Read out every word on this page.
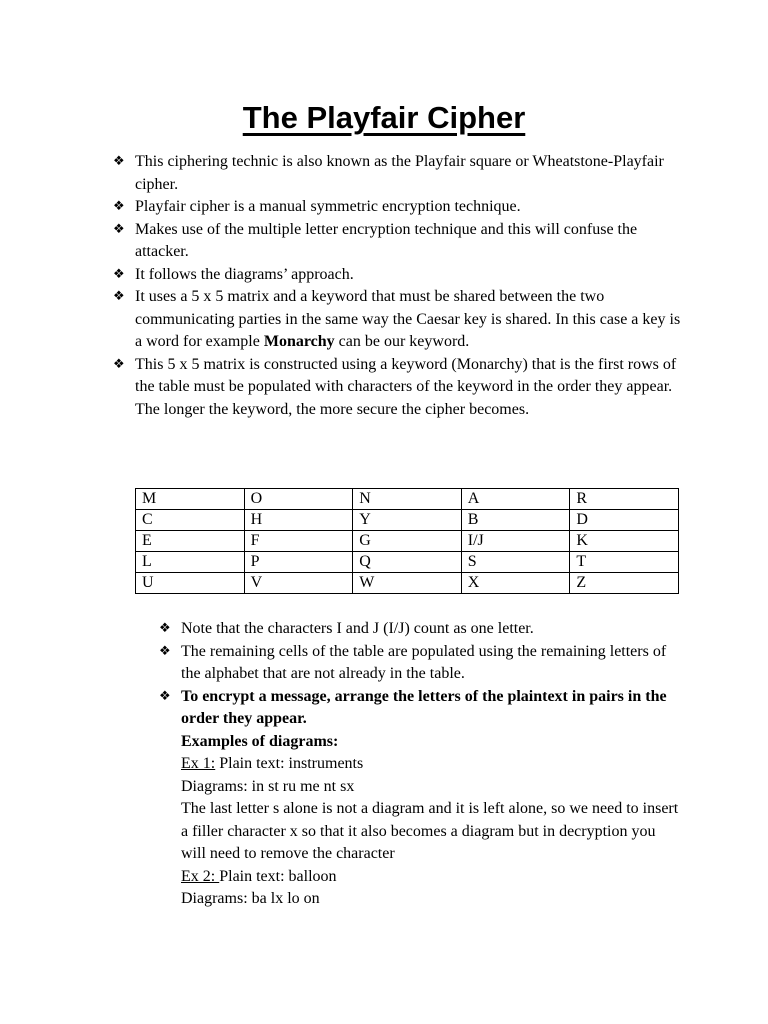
The Playfair Cipher
❖ This ciphering technic is also known as the Playfair square or Wheatstone-Playfair cipher.
❖ Playfair cipher is a manual symmetric encryption technique.
❖ Makes use of the multiple letter encryption technique and this will confuse the attacker.
❖ It follows the diagrams’ approach.
❖ It uses a 5 x 5 matrix and a keyword that must be shared between the two communicating parties in the same way the Caesar key is shared. In this case a key is a word for example Monarchy can be our keyword.
❖ This 5 x 5 matrix is constructed using a keyword (Monarchy) that is the first rows of the table must be populated with characters of the keyword in the order they appear. The longer the keyword, the more secure the cipher becomes.
M	O	N	A	R
C	H	Y	B	D
E	F	G	I/J	K
L	P	Q	S	T
U	V	W	X	Z
❖ Note that the characters I and J (I/J) count as one letter.
❖ The remaining cells of the table are populated using the remaining letters of the alphabet that are not already in the table.
❖ To encrypt a message, arrange the letters of the plaintext in pairs in the order they appear.
Examples of diagrams:
Ex 1: Plain text: instruments
Diagrams: in st ru me nt sx
The last letter s alone is not a diagram and it is left alone, so we need to insert a filler character x so that it also becomes a diagram but in decryption you will need to remove the character
Ex 2: Plain text: balloon
Diagrams: ba lx lo on
